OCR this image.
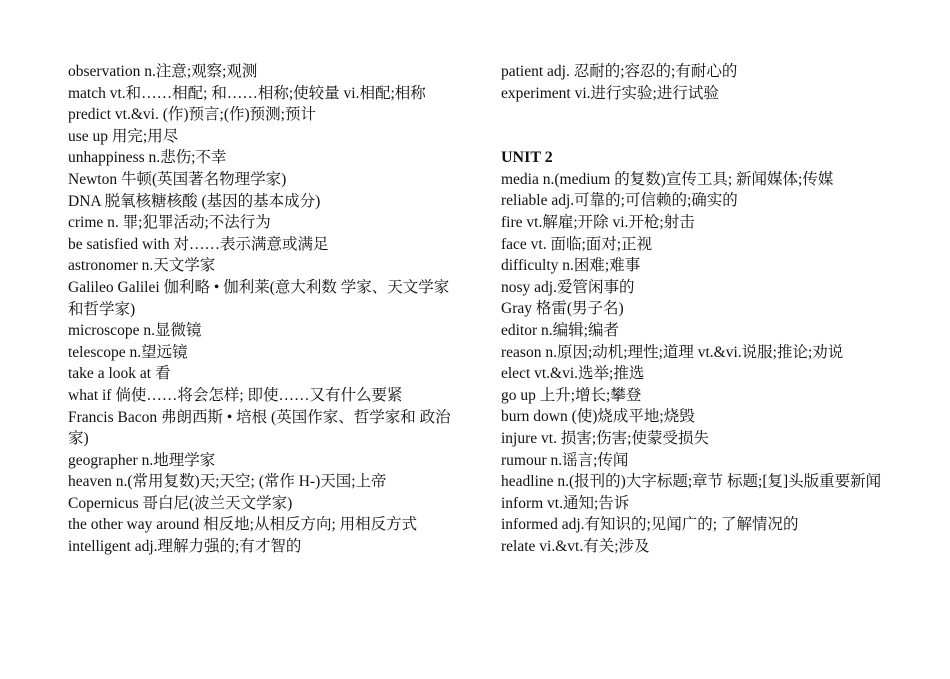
observation n.注意;观察;观测
match vt.和……相配; 和……相称;使较量 vi.相配;相称
predict vt.&vi. (作)预言;(作)预测;预计
use up 用完;用尽
unhappiness n.悲伤;不幸
Newton 牛顿(英国著名物理学家)
DNA 脱氧核糖核酸 (基因的基本成分)
crime n. 罪;犯罪活动;不法行为
be satisfied with 对……表示满意或满足
astronomer n.天文学家
Galileo Galilei 伽利略 • 伽利莱(意大利数 学家、天文学家和哲学家)
microscope n.显微镜
telescope n.望远镜
take a look at 看
what if 倘使……将会怎样; 即使……又有什么要紧
Francis Bacon 弗朗西斯 • 培根 (英国作家、哲学家和 政治家)
geographer n.地理学家
heaven n.(常用复数)天;天空; (常作 H-)天国;上帝
Copernicus 哥白尼(波兰天文学家)
the other way around 相反地;从相反方向; 用相反方式
intelligent adj.理解力强的;有才智的
patient adj. 忍耐的;容忍的;有耐心的
experiment vi.进行实验;进行试验
UNIT 2
media n.(medium 的复数)宣传工具; 新闻媒体;传媒
reliable adj.可靠的;可信赖的;确实的
fire vt.解雇;开除 vi.开枪;射击
face vt. 面临;面对;正视
difficulty n.困难;难事
nosy adj.爱管闲事的
Gray 格雷(男子名)
editor n.编辑;编者
reason n.原因;动机;理性;道理 vt.&vi.说服;推论;劝说
elect vt.&vi.选举;推选
go up 上升;增长;攀登
burn down (使)烧成平地;烧毁
injure vt. 损害;伤害;使蒙受损失
rumour n.谣言;传闻
headline n.(报刊的)大字标题;章节 标题;[复]头版重要新闻
inform vt.通知;告诉
informed adj.有知识的;见闻广的; 了解情况的
relate vi.&vt.有关;涉及
